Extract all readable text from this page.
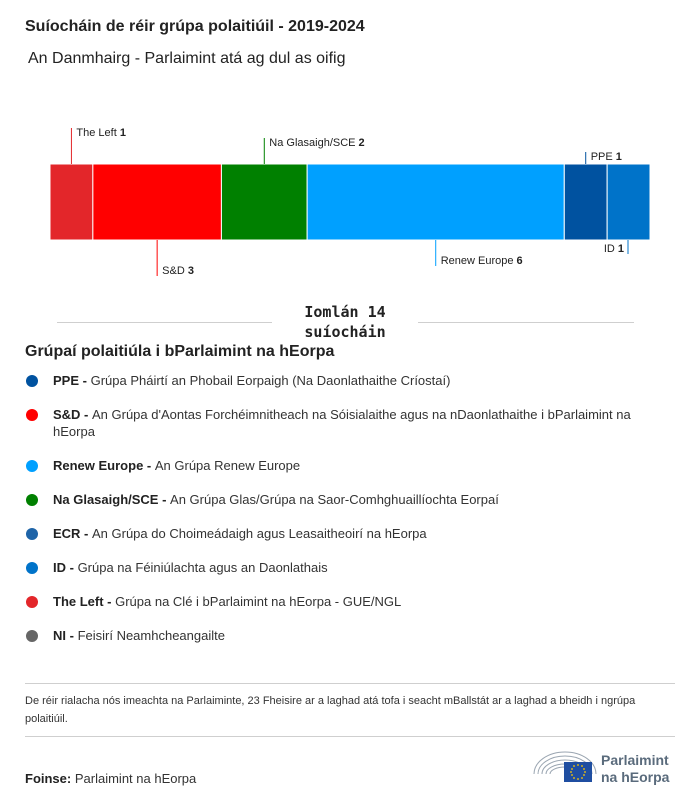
Suíocháin de réir grúpa polaitiúil - 2019-2024
An Danmhairg - Parlaimint atá ag dul as oifig
The Left 1
S&D 3
Na Glasaigh/SCE 2
Renew Europe 6
PPE 1
ID 1
Iomlán 14 suíocháin
Grúpaí polaitiúla i bParlaimint na hEorpa
PPE - Grúpa Pháirtí an Phobail Eorpaigh (Na Daonlathaithe Críostaí)
S&D - An Grúpa d'Aontas Forchéimnitheach na Sóisialaithe agus na nDaonlathaithe i bParlaimint na hEorpa
Renew Europe - An Grúpa Renew Europe
Na Glasaigh/SCE - An Grúpa Glas/Grúpa na Saor-Comhghuaillíochta Eorpaí
ECR - An Grúpa do Choimeádaigh agus Leasaitheoirí na hEorpa
ID - Grúpa na Féiniúlachta agus an Daonlathais
The Left - Grúpa na Clé i bParlaimint na hEorpa - GUE/NGL
NI - Feisirí Neamhcheangailte
De réir rialacha nós imeachta na Parlaiminte, 23 Fheisire ar a laghad atá tofa i seacht mBallstát ar a laghad a bheidh i ngrúpa polaitiúil.
Foinse: Parlaimint na hEorpa
Parlaimint
na hEorpa
